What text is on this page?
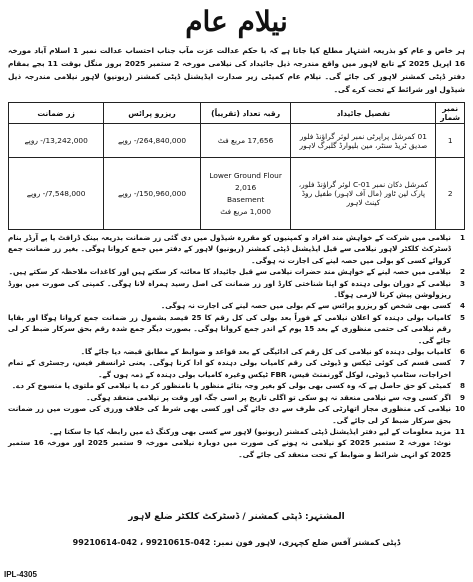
نیلام عام
ہر خاص و عام کو بذریعہ اشتہار مطلع کیا جاتا ہے کہ با حکم عدالت عزت مآب جناب احتساب عدالت نمبر 1 اسلام آباد مورخہ 16 اپریل 2025 کے تابع لاہور میں واقع مندرجہ ذیل جائیداد کی نیلامی مورخہ 2 ستمبر 2025 بروز منگل بوقت 11 بجے بمقام دفتر ڈپٹی کمشنر لاہور کی جائے گی۔ نیلام عام کمیٹی زیر صدارت ایڈیشنل ڈپٹی کمشنر (ریونیو) لاہور نیلامی مندرجہ ذیل شیڈول اور شرائط کے تحت کرے گی۔
نمبر شمار	تفصیل جائیداد	رقبہ تعداد (تقریباً)	ریزرو پرائس	زر ضمانت
1	01 کمرشل پراپرٹی نمبر لوئر گراؤنڈ فلور صدیق ٹریڈ سنٹر، مین بلیوارڈ گلبرگ لاہور	17,656 مربع فٹ	264,840,000/- روپے	13,242,000/- روپے
2	کمرشل دکان نمبر C-01 لوئر گراؤنڈ فلور، پارک لین ٹاور (مال آف لاہور) طفیل روڈ کینٹ لاہور	Lower Ground Flour
2,016
Basement
1,000 مربع فٹ	150,960,000/- روپے	7,548,000/- روپے
1
نیلامی میں شرکت کے خواہش مند افراد و کمپنیوں کو مقررہ شیڈول میں دی گئی زر ضمانت بذریعہ بینک ڈرافٹ یا پے آرڈر بنام ڈسٹرکٹ کلکٹر لاہور نیلامی سے قبل ایڈیشنل ڈپٹی کمشنر (ریونیو) لاہور کے دفتر میں جمع کروانا ہوگی۔ بغیر زر ضمانت جمع کروائے کسی کو بولی میں حصہ لینے کی اجازت نہ ہوگی۔
2
نیلامی میں حصہ لینے کے خواہش مند حضرات نیلامی سے قبل جائیداد کا معائنہ کر سکتے ہیں اور کاغذات ملاحظہ کر سکتے ہیں۔
3
نیلامی کے دوران بولی دہندہ کو اپنا شناختی کارڈ اور زر ضمانت کی اصل رسید ہمراہ لانا ہوگی۔ کمپنی کی صورت میں بورڈ ریزولوشن پیش کرنا لازمی ہوگا۔
4
کسی بھی شخص کو ریزرو پرائس سے کم بولی میں حصہ لینے کی اجازت نہ ہوگی۔
5
کامیاب بولی دہندہ کو اعلان نیلامی کے فوراً بعد بولی کی کل رقم کا 25 فیصد بشمول زر ضمانت جمع کروانا ہوگا اور بقایا رقم نیلامی کی حتمی منظوری کے بعد 15 یوم کے اندر جمع کروانا ہوگی۔ بصورت دیگر جمع شدہ رقم بحق سرکار ضبط کر لی جائے گی۔
6
کامیاب بولی دہندہ کو نیلامی کی کل رقم کی ادائیگی کے بعد قواعد و ضوابط کے مطابق قبضہ دیا جائے گا۔
7
کسی قسم کی کوئی ٹیکس و ڈیوٹی کی رقم کامیاب بولی دہندہ کو ادا کرنا ہوگی۔ یعنی ٹرانسفر فیس، رجسٹری کے تمام اخراجات، سٹامپ ڈیوٹی، لوکل گورنمنٹ فیس، FBR ٹیکس وغیرہ کامیاب بولی دہندہ کے ذمہ ہوں گے۔
8
کمیٹی کو حق حاصل ہے کہ وہ کسی بھی بولی کو بغیر وجہ بتائے منظور یا نامنظور کر دے یا نیلامی کو ملتوی یا منسوخ کر دے۔
9
اگر کسی وجہ سے نیلامی منعقد نہ ہو سکی تو اگلی تاریخ پر اسی جگہ اور وقت پر نیلامی منعقد ہوگی۔
10
نیلامی کی منظوری مجاز اتھارٹی کی طرف سے دی جائے گی اور کسی بھی شرط کی خلاف ورزی کی صورت میں زر ضمانت بحق سرکار ضبط کر لی جائے گی۔
11
مزید معلومات کے لیے دفتر ایڈیشنل ڈپٹی کمشنر (ریونیو) لاہور سے کسی بھی ورکنگ ڈے میں رابطہ کیا جا سکتا ہے۔
نوٹ: مورخہ 2 ستمبر 2025 کو نیلامی نہ ہونے کی صورت میں دوبارہ نیلامی مورخہ 9 ستمبر 2025 اور مورخہ 16 ستمبر 2025 کو انہی شرائط و ضوابط کے تحت منعقد کی جائے گی۔
المشتہر: ڈپٹی کمشنر / ڈسٹرکٹ کلکٹر ضلع لاہور
ڈپٹی کمشنر آفس ضلع کچہری، لاہور فون نمبر: 042-99210615 ، 042-99210614
IPL-4305
